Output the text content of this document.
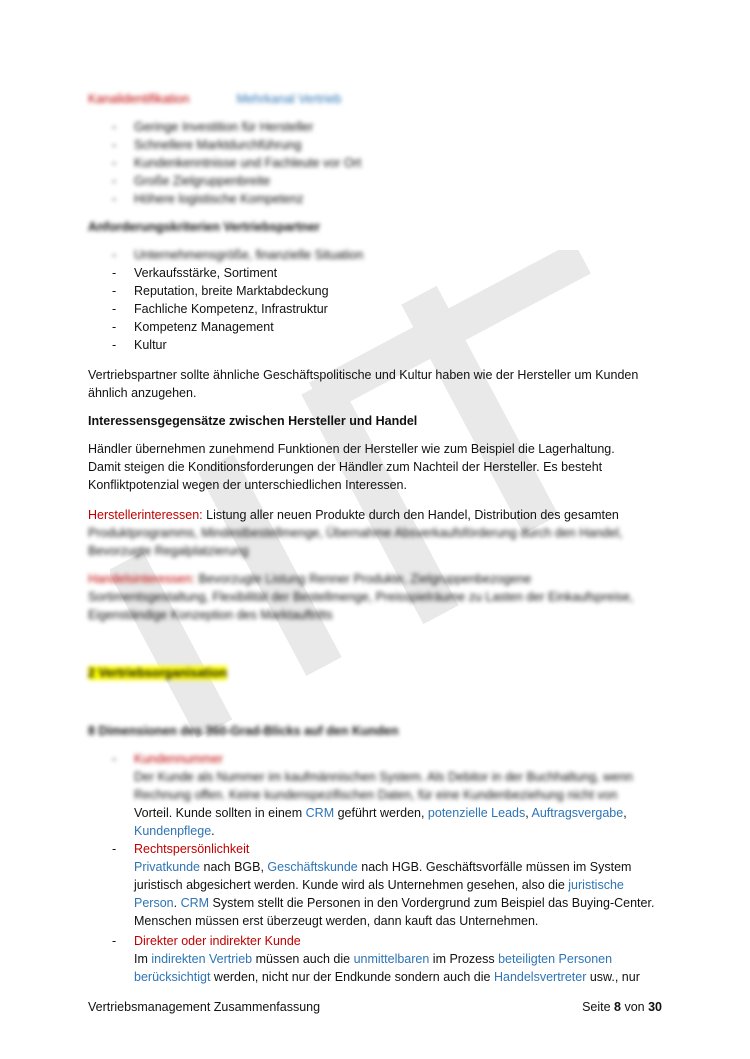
Kanalidentifikation	Mehrkanal Vertrieb
- Geringe Investition für Hersteller
- Schnellere Marktdurchführung
- Kundenkenntnisse und Fachleute vor Ort
- Große Zielgruppenbreite
- Höhere logistische Kompetenz
Anforderungskriterien Vertriebspartner
- Unternehmensgröße, finanzielle Situation
- Verkaufsstärke, Sortiment
- Reputation, breite Marktabdeckung
- Fachliche Kompetenz, Infrastruktur
- Kompetenz Management
- Kultur
Vertriebspartner sollte ähnliche Geschäftspolitische und Kultur haben wie der Hersteller um Kunden
ähnlich anzugehen.
Interessensgegensätze zwischen Hersteller und Handel
Händler übernehmen zunehmend Funktionen der Hersteller wie zum Beispiel die Lagerhaltung.
Damit steigen die Konditionsforderungen der Händler zum Nachteil der Hersteller. Es besteht
Konfliktpotenzial wegen der unterschiedlichen Interessen.
Herstellerinteressen: Listung aller neuen Produkte durch den Handel, Distribution des gesamten
Produktprogramms, Mindestbestellmenge, Übernahme Absverkaufsförderung durch den Handel,
Bevorzugte Regalplatzierung
Handelsinteressen: Bevorzugte Listung Renner Produkte, Zielgruppenbezogene
Sortimentsgestaltung, Flexibilität der Bestellmenge, Preisspielräume zu Lasten der Einkaufspreise,
Eigenständige Konzeption des Marktauftritts
2 Vertriebsorganisation
8 Dimensionen des 360-Grad-Blicks auf den Kunden
- Kundennummer
Der Kunde als Nummer im kaufmännischen System. Als Debitor in der Buchhaltung, wenn
Rechnung offen. Keine kundenspezifischen Daten, für eine Kundenbeziehung nicht von
Vorteil. Kunde sollten in einem CRM geführt werden, potenzielle Leads, Auftragsvergabe,
Kundenpflege.
- Rechtspersönlichkeit
Privatkunde nach BGB, Geschäftskunde nach HGB. Geschäftsvorfälle müssen im System
juristisch abgesichert werden. Kunde wird als Unternehmen gesehen, also die juristische
Person. CRM System stellt die Personen in den Vordergrund zum Beispiel das Buying-Center.
Menschen müssen erst überzeugt werden, dann kauft das Unternehmen.
- Direkter oder indirekter Kunde
Im indirekten Vertrieb müssen auch die unmittelbaren im Prozess beteiligten Personen
berücksichtigt werden, nicht nur der Endkunde sondern auch die Handelsvertreter usw., nur
Vertriebsmanagement Zusammenfassung	Seite 8 von 30
